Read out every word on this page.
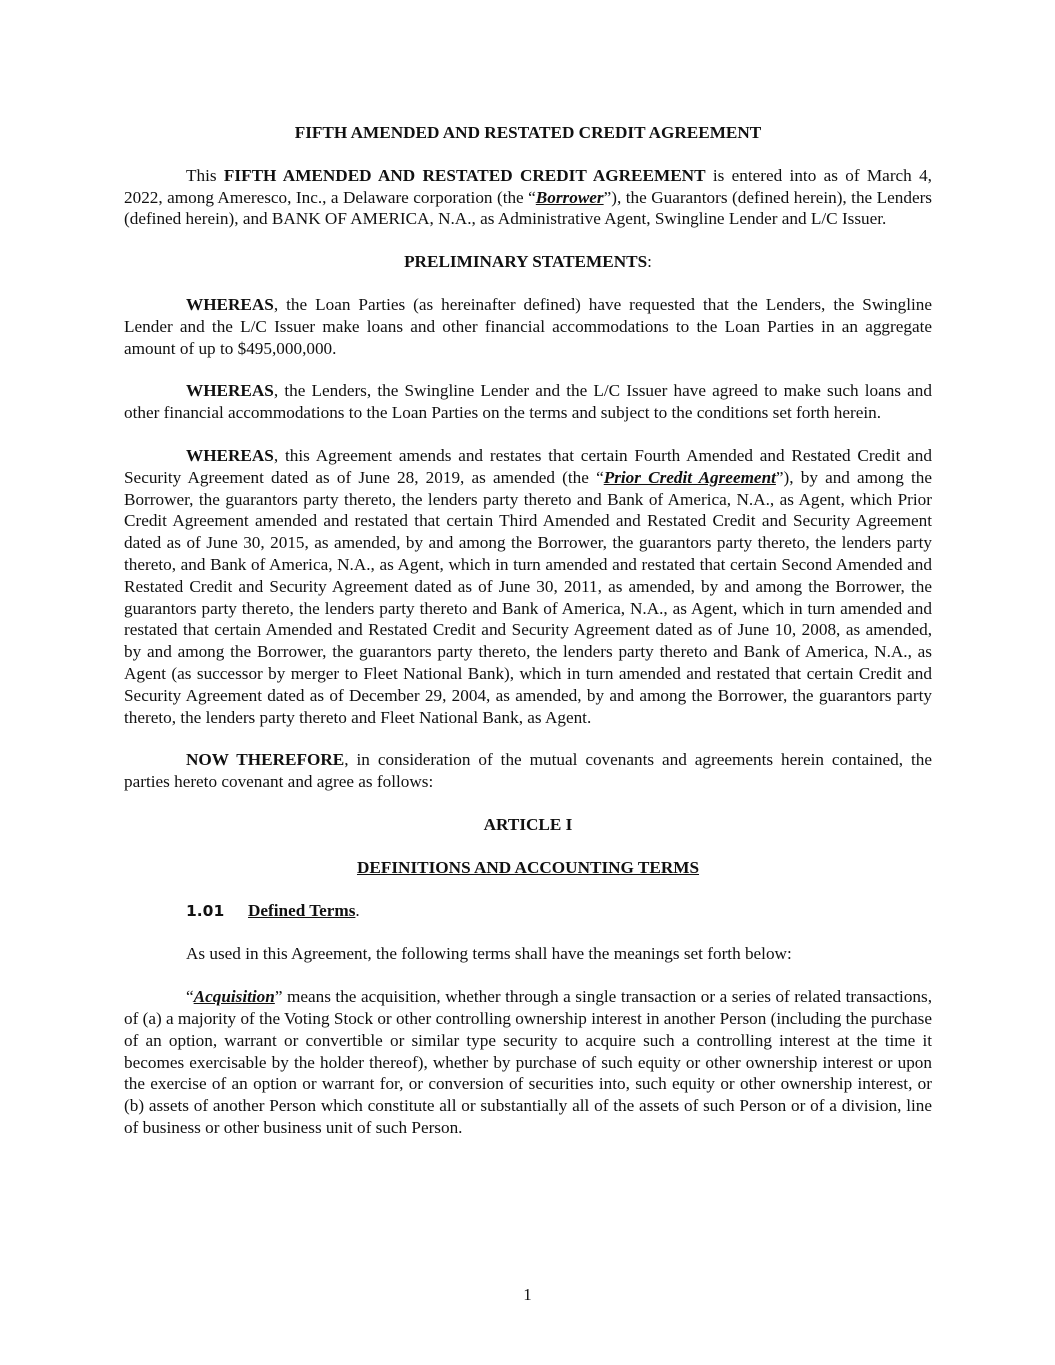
FIFTH AMENDED AND RESTATED CREDIT AGREEMENT

This FIFTH AMENDED AND RESTATED CREDIT AGREEMENT is entered into as of March 4, 2022, among Ameresco, Inc., a Delaware corporation (the “Borrower”), the Guarantors (defined herein), the Lenders (defined herein), and BANK OF AMERICA, N.A., as Administrative Agent, Swingline Lender and L/C Issuer.

PRELIMINARY STATEMENTS:

WHEREAS, the Loan Parties (as hereinafter defined) have requested that the Lenders, the Swingline Lender and the L/C Issuer make loans and other financial accommodations to the Loan Parties in an aggregate amount of up to $495,000,000.

WHEREAS, the Lenders, the Swingline Lender and the L/C Issuer have agreed to make such loans and other financial accommodations to the Loan Parties on the terms and subject to the conditions set forth herein.

WHEREAS, this Agreement amends and restates that certain Fourth Amended and Restated Credit and Security Agreement dated as of June 28, 2019, as amended (the “Prior Credit Agreement”), by and among the Borrower, the guarantors party thereto, the lenders party thereto and Bank of America, N.A., as Agent, which Prior Credit Agreement amended and restated that certain Third Amended and Restated Credit and Security Agreement dated as of June 30, 2015, as amended, by and among the Borrower, the guarantors party thereto, the lenders party thereto, and Bank of America, N.A., as Agent, which in turn amended and restated that certain Second Amended and Restated Credit and Security Agreement dated as of June 30, 2011, as amended, by and among the Borrower, the guarantors party thereto, the lenders party thereto and Bank of America, N.A., as Agent, which in turn amended and restated that certain Amended and Restated Credit and Security Agreement dated as of June 10, 2008, as amended, by and among the Borrower, the guarantors party thereto, the lenders party thereto and Bank of America, N.A., as Agent (as successor by merger to Fleet National Bank), which in turn amended and restated that certain Credit and Security Agreement dated as of December 29, 2004, as amended, by and among the Borrower, the guarantors party thereto, the lenders party thereto and Fleet National Bank, as Agent.

NOW THEREFORE, in consideration of the mutual covenants and agreements herein contained, the parties hereto covenant and agree as follows:

ARTICLE I

DEFINITIONS AND ACCOUNTING TERMS

1.01 Defined Terms.

As used in this Agreement, the following terms shall have the meanings set forth below:

“Acquisition” means the acquisition, whether through a single transaction or a series of related transactions, of (a) a majority of the Voting Stock or other controlling ownership interest in another Person (including the purchase of an option, warrant or convertible or similar type security to acquire such a controlling interest at the time it becomes exercisable by the holder thereof), whether by purchase of such equity or other ownership interest or upon the exercise of an option or warrant for, or conversion of securities into, such equity or other ownership interest, or (b) assets of another Person which constitute all or substantially all of the assets of such Person or of a division, line of business or other business unit of such Person.

1
